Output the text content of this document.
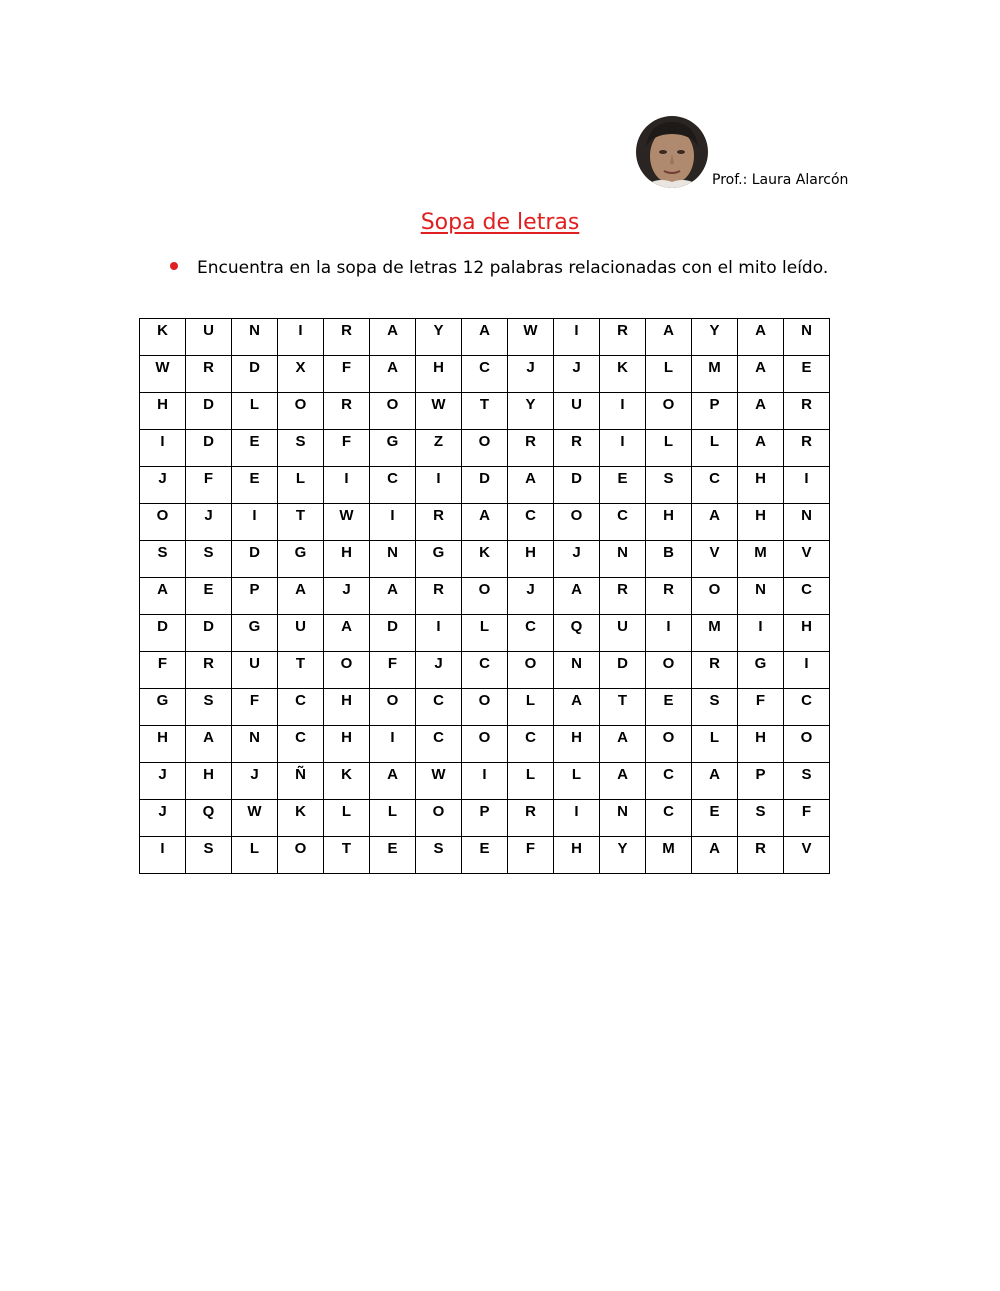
Prof.: Laura Alarcón
Sopa de letras
Encuentra en la sopa de letras 12 palabras relacionadas con el mito leído.
K	U	N	I	R	A	Y	A	W	I	R	A	Y	A	N
W	R	D	X	F	A	H	C	J	J	K	L	M	A	E
H	D	L	O	R	O	W	T	Y	U	I	O	P	A	R
I	D	E	S	F	G	Z	O	R	R	I	L	L	A	R
J	F	E	L	I	C	I	D	A	D	E	S	C	H	I
O	J	I	T	W	I	R	A	C	O	C	H	A	H	N
S	S	D	G	H	N	G	K	H	J	N	B	V	M	V
A	E	P	A	J	A	R	O	J	A	R	R	O	N	C
D	D	G	U	A	D	I	L	C	Q	U	I	M	I	H
F	R	U	T	O	F	J	C	O	N	D	O	R	G	I
G	S	F	C	H	O	C	O	L	A	T	E	S	F	C
H	A	N	C	H	I	C	O	C	H	A	O	L	H	O
J	H	J	Ñ	K	A	W	I	L	L	A	C	A	P	S
J	Q	W	K	L	L	O	P	R	I	N	C	E	S	F
I	S	L	O	T	E	S	E	F	H	Y	M	A	R	V
